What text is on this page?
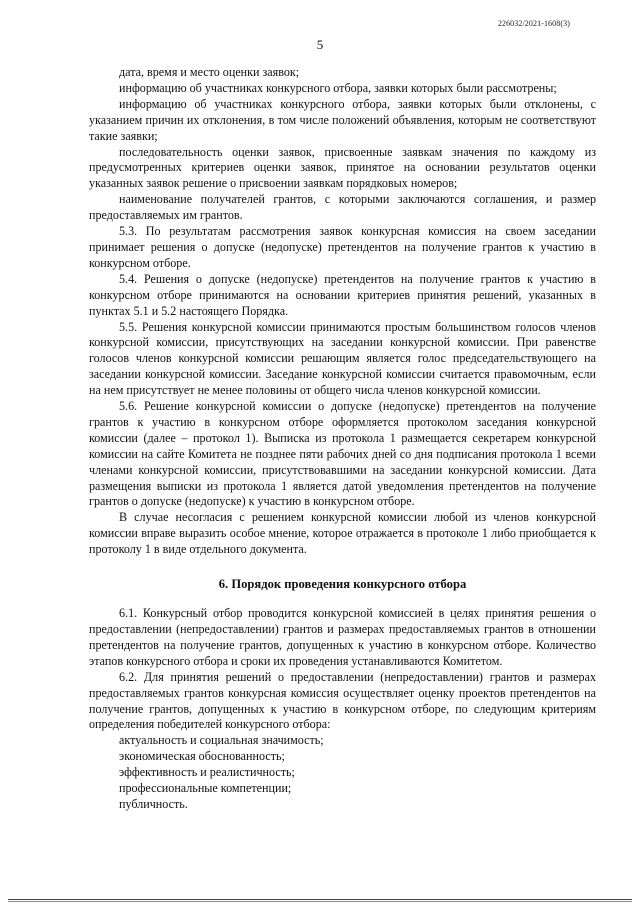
226032/2021-1608(3)
5

дата, время и место оценки заявок;

информацию об участниках конкурсного отбора, заявки которых были рассмотрены;

информацию об участниках конкурсного отбора, заявки которых были отклонены, с указанием причин их отклонения, в том числе положений объявления, которым не соответствуют такие заявки;

последовательность оценки заявок, присвоенные заявкам значения по каждому из предусмотренных критериев оценки заявок, принятое на основании результатов оценки указанных заявок решение о присвоении заявкам порядковых номеров;

наименование получателей грантов, с которыми заключаются соглашения, и размер предоставляемых им грантов.

5.3. По результатам рассмотрения заявок конкурсная комиссия на своем заседании принимает решения о допуске (недопуске) претендентов на получение грантов к участию в конкурсном отборе.

5.4. Решения о допуске (недопуске) претендентов на получение грантов к участию в конкурсном отборе принимаются на основании критериев принятия решений, указанных в пунктах 5.1 и 5.2 настоящего Порядка.

5.5. Решения конкурсной комиссии принимаются простым большинством голосов членов конкурсной комиссии, присутствующих на заседании конкурсной комиссии. При равенстве голосов членов конкурсной комиссии решающим является голос председательствующего на заседании конкурсной комиссии. Заседание конкурсной комиссии считается правомочным, если на нем присутствует не менее половины от общего числа членов конкурсной комиссии.

5.6. Решение конкурсной комиссии о допуске (недопуске) претендентов на получение грантов к участию в конкурсном отборе оформляется протоколом заседания конкурсной комиссии (далее – протокол 1). Выписка из протокола 1 размещается секретарем конкурсной комиссии на сайте Комитета не позднее пяти рабочих дней со дня подписания протокола 1 всеми членами конкурсной комиссии, присутствовавшими на заседании конкурсной комиссии. Дата размещения выписки из протокола 1 является датой уведомления претендентов на получение грантов о допуске (недопуске) к участию в конкурсном отборе.

В случае несогласия с решением конкурсной комиссии любой из членов конкурсной комиссии вправе выразить особое мнение, которое отражается в протоколе 1 либо приобщается к протоколу 1 в виде отдельного документа.

6. Порядок проведения конкурсного отбора

6.1. Конкурсный отбор проводится конкурсной комиссией в целях принятия решения о предоставлении (непредоставлении) грантов и размерах предоставляемых грантов в отношении претендентов на получение грантов, допущенных к участию в конкурсном отборе. Количество этапов конкурсного отбора и сроки их проведения устанавливаются Комитетом.

6.2. Для принятия решений о предоставлении (непредоставлении) грантов и размерах предоставляемых грантов конкурсная комиссия осуществляет оценку проектов претендентов на получение грантов, допущенных к участию в конкурсном отборе, по следующим критериям определения победителей конкурсного отбора:

актуальность и социальная значимость;

экономическая обоснованность;

эффективность и реалистичность;

профессиональные компетенции;

публичность.
